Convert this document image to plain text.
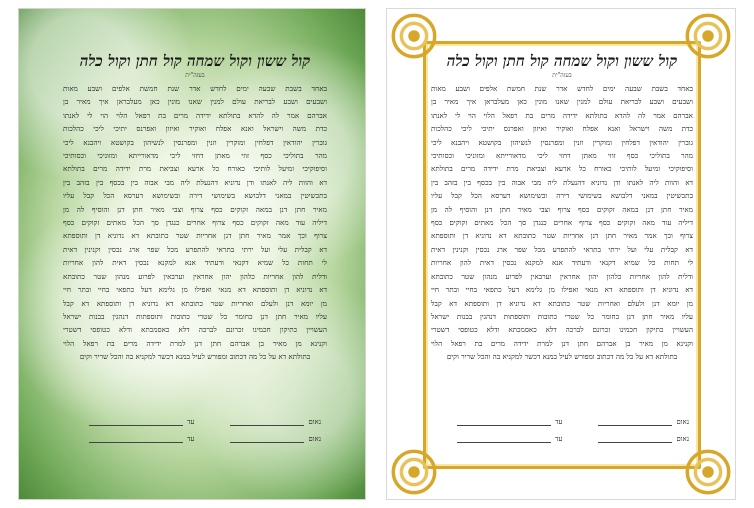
קול ששון וקול שמחה קול חתן וקול כלה
בעזה"ית
באחד בשבת שבעה ימים לחדש אדר שנת חמשת אלפים ושבע מאות
ושבעים ושבע לבריאת עולם למנין שאנו מונין כאן מעלבראן איך מאיר בן
אברהם אמר לה להדא בתולתא ידידה מרים בת רפאל הלוי הוי לי לאנתו
כדת משה וישראל ואנא אפלח ואוקיר ואיזון ואפרנס יתיכי ליכי כהלכות
גוברין יהודאין דפלחין ומוקרין וזנין ומפרנסין לנשיהון בקושטא ויהבנא ליכי
מהר בתוליכי כסף זוזי מאתן דחזי ליכי מדאורייתא ומזוניכי וכסותיכי
וסיפוקיכי ומיעל לותיכי כאורח כל ארעא וצביאת מרת ידידה מרים בתולתא
דא והוות ליה לאנתו ודן נדוניא דהנעלת ליה מבי אבוה בין בכסף בין בזהב בין
בתכשיטין במאני דלבושא בשימושי דירה ובשימושא דערסא הכל קבל עליו
מאיר חתן דנן במאה זקוקים כסף צרוף וצבי מאיר חתן דנן והוסיף לה מן
דיליה עוד מאה זקוקים כסף צרוף אחרים כנגדן סך הכל מאתים זקוקים כסף
צרוף וכך אמר מאיר חתן דנן אחריות שטר כתובתא דא נדוניא דן ותוספתא
דא קבלית עלי ועל ירתי בתראי להתפרע מכל שפר ארג נכסין וקנינין דאית
לי תחות כל שמיא דקנאי ודעתיד אנא למקנא נכסין דאית להון אחריות
ודלית להון אחריות כלהון יהון אחראין וערבאין לפרוע מנהון שטר כתובתא
דא נדוניא דן ותוספתא דא מנאי ואפילו מן גלימא דעל כתפאי בחיי ובתר חיי
מן יומא דנן ולעלם ואחריות שטר כתובתא דא נדוניא דן ותוספתא דא קבל
עליו מאיר חתן דנן כחומר כל שטרי כתובות ותוספתות דנהגין בבנות ישראל
העשויין כתיקון חכמינו זכרונם לברכה דלא כאסמכתא ודלא כטופסי דשטרי
וקנינא מן מאיר בן אברהם חתן דנן למרת ידידה מרים בת רפאל הלוי
בתולתא דא על כל מה דכתוב ומפורש לעיל במנא דכשר למקניא בה והכל שריר וקים
נאום
עד
נאום
עד
קול ששון וקול שמחה קול חתן וקול כלה
בעזה"ית
באחד בשבת שבעה ימים לחדש אדר שנת חמשת אלפים ושבע מאות
ושבעים ושבע לבריאת עולם למנין שאנו מונין כאן מעלבראן איך מאיר בן
אברהם אמר לה להדא בתולתא ידידה מרים בת רפאל הלוי הוי לי לאנתו
כדת משה וישראל ואנא אפלח ואוקיר ואיזון ואפרנס יתיכי ליכי כהלכות
גוברין יהודאין דפלחין ומוקרין וזנין ומפרנסין לנשיהון בקושטא ויהבנא ליכי
מהר בתוליכי כסף זוזי מאתן דחזי ליכי מדאורייתא ומזוניכי וכסותיכי
וסיפוקיכי ומיעל לותיכי כאורח כל ארעא וצביאת מרת ידידה מרים בתולתא
דא והוות ליה לאנתו ודן נדוניא דהנעלת ליה מבי אבוה בין בכסף בין בזהב בין
בתכשיטין במאני דלבושא בשימושי דירה ובשימושא דערסא הכל קבל עליו
מאיר חתן דנן במאה זקוקים כסף צרוף וצבי מאיר חתן דנן והוסיף לה מן
דיליה עוד מאה זקוקים כסף צרוף אחרים כנגדן סך הכל מאתים זקוקים כסף
צרוף וכך אמר מאיר חתן דנן אחריות שטר כתובתא דא נדוניא דן ותוספתא
דא קבלית עלי ועל ירתי בתראי להתפרע מכל שפר ארג נכסין וקנינין דאית
לי תחות כל שמיא דקנאי ודעתיד אנא למקנא נכסין דאית להון אחריות
ודלית להון אחריות כלהון יהון אחראין וערבאין לפרוע מנהון שטר כתובתא
דא נדוניא דן ותוספתא דא מנאי ואפילו מן גלימא דעל כתפאי בחיי ובתר חיי
מן יומא דנן ולעלם ואחריות שטר כתובתא דא נדוניא דן ותוספתא דא קבל
עליו מאיר חתן דנן כחומר כל שטרי כתובות ותוספתות דנהגין בבנות ישראל
העשויין כתיקון חכמינו זכרונם לברכה דלא כאסמכתא ודלא כטופסי דשטרי
וקנינא מן מאיר בן אברהם חתן דנן למרת ידידה מרים בת רפאל הלוי
בתולתא דא על כל מה דכתוב ומפורש לעיל במנא דכשר למקניא בה והכל שריר וקים
נאום
עד
נאום
עד
